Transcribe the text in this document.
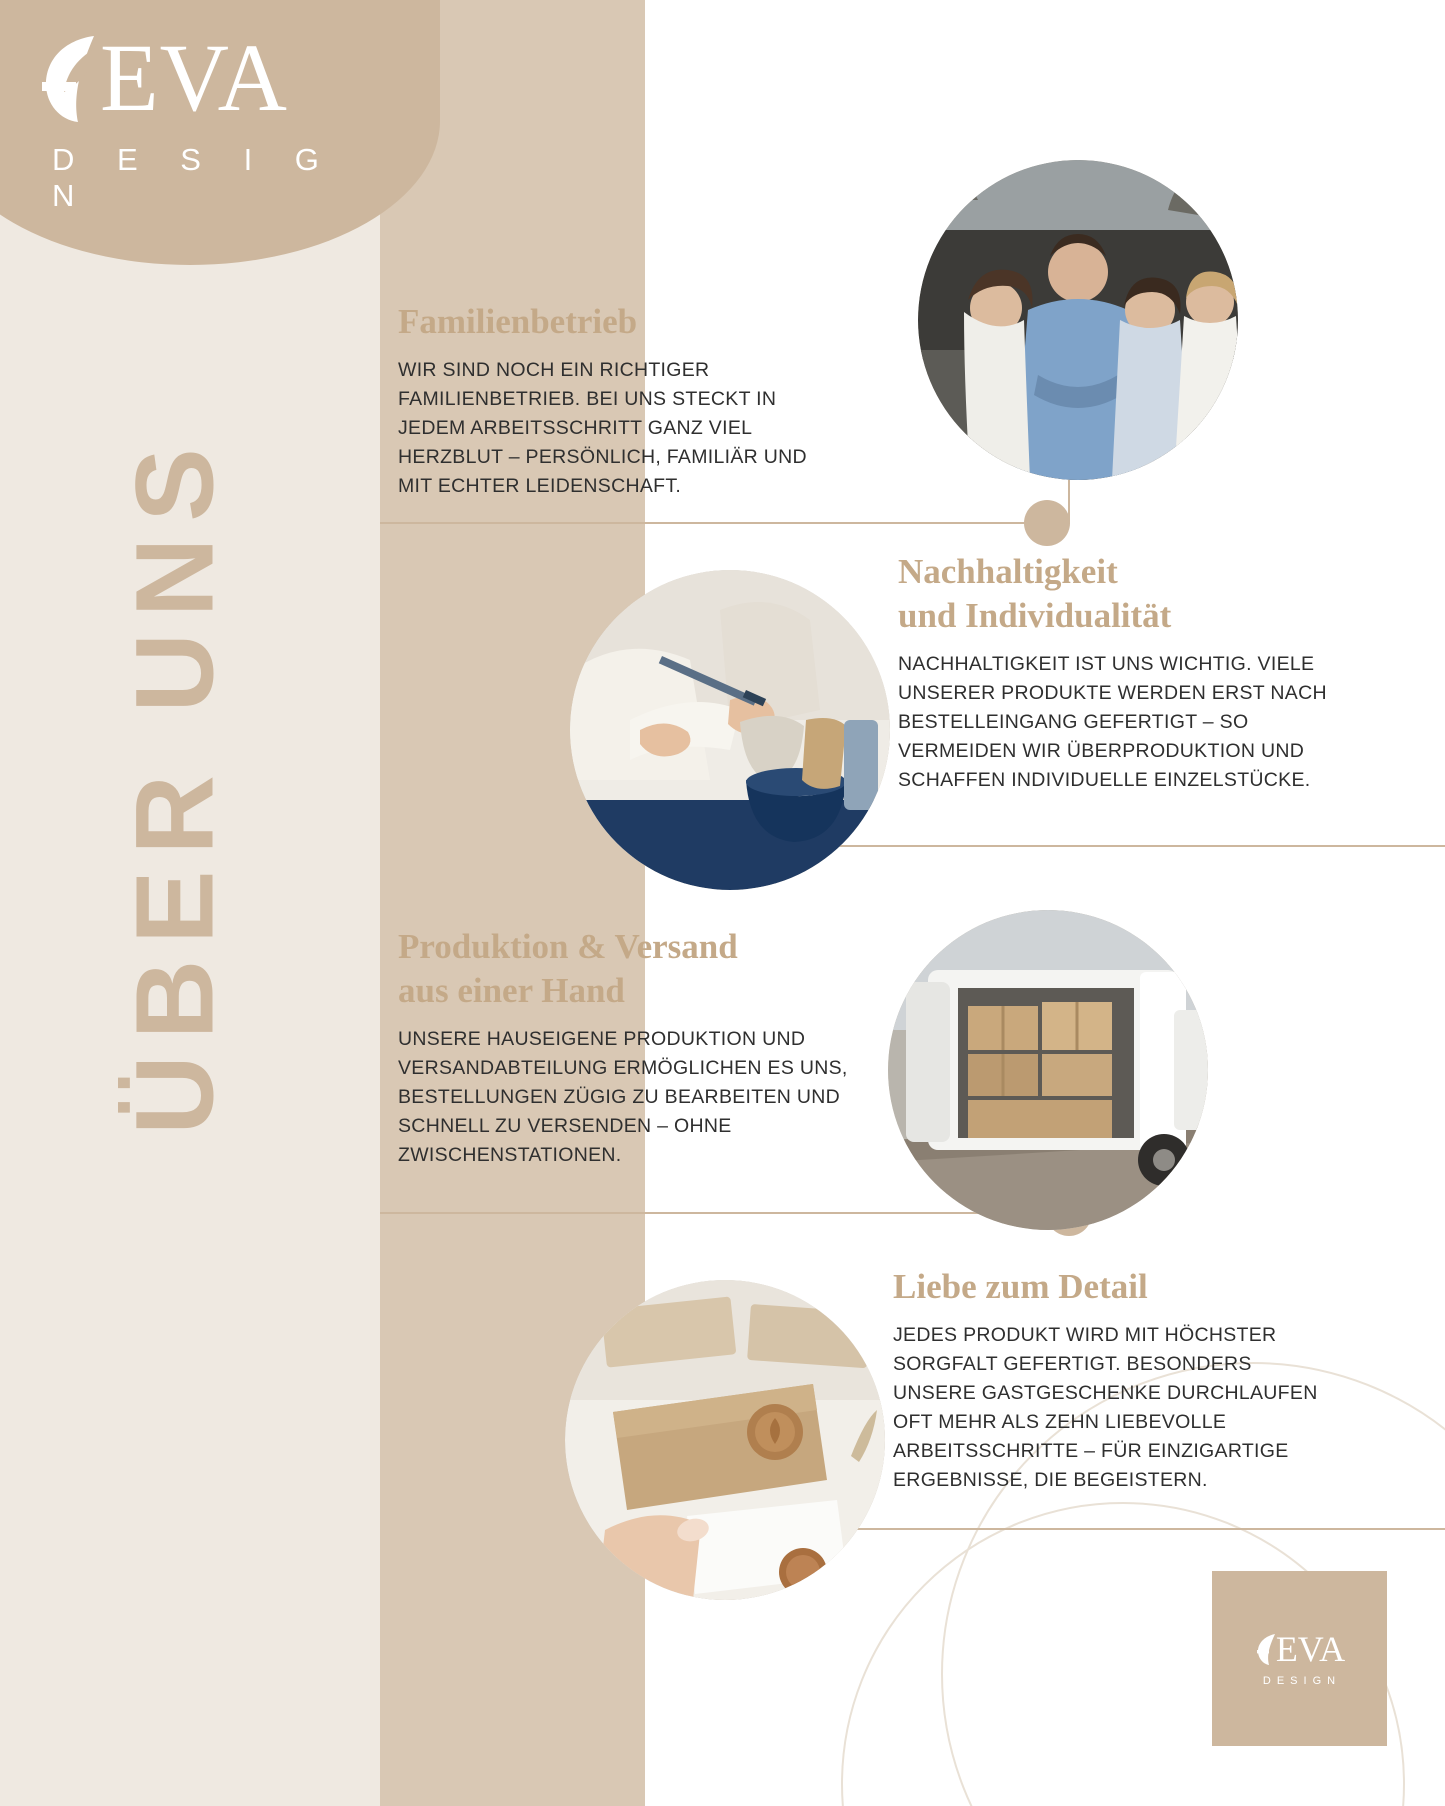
EVA
D E S I G N
ÜBER UNS
Familienbetrieb

WIR SIND NOCH EIN RICHTIGER FAMILIENBETRIEB. BEI UNS STECKT IN JEDEM ARBEITSSCHRITT GANZ VIEL HERZBLUT – PERSÖNLICH, FAMILIÄR UND MIT ECHTER LEIDENSCHAFT.

Nachhaltigkeit
und Individualität

NACHHALTIGKEIT IST UNS WICHTIG. VIELE UNSERER PRODUKTE WERDEN ERST NACH BESTELLEINGANG GEFERTIGT – SO VERMEIDEN WIR ÜBERPRODUKTION UND SCHAFFEN INDIVIDUELLE EINZELSTÜCKE.

Produktion & Versand
aus einer Hand

UNSERE HAUSEIGENE PRODUKTION UND VERSANDABTEILUNG ERMÖGLICHEN ES UNS, BESTELLUNGEN ZÜGIG ZU BEARBEITEN UND SCHNELL ZU VERSENDEN – OHNE ZWISCHENSTATIONEN.

Liebe zum Detail

JEDES PRODUKT WIRD MIT HÖCHSTER SORGFALT GEFERTIGT. BESONDERS UNSERE GASTGESCHENKE DURCHLAUFEN OFT MEHR ALS ZEHN LIEBEVOLLE ARBEITSSCHRITTE – FÜR EINZIGARTIGE ERGEBNISSE, DIE BEGEISTERN.

EVA
DESIGN
